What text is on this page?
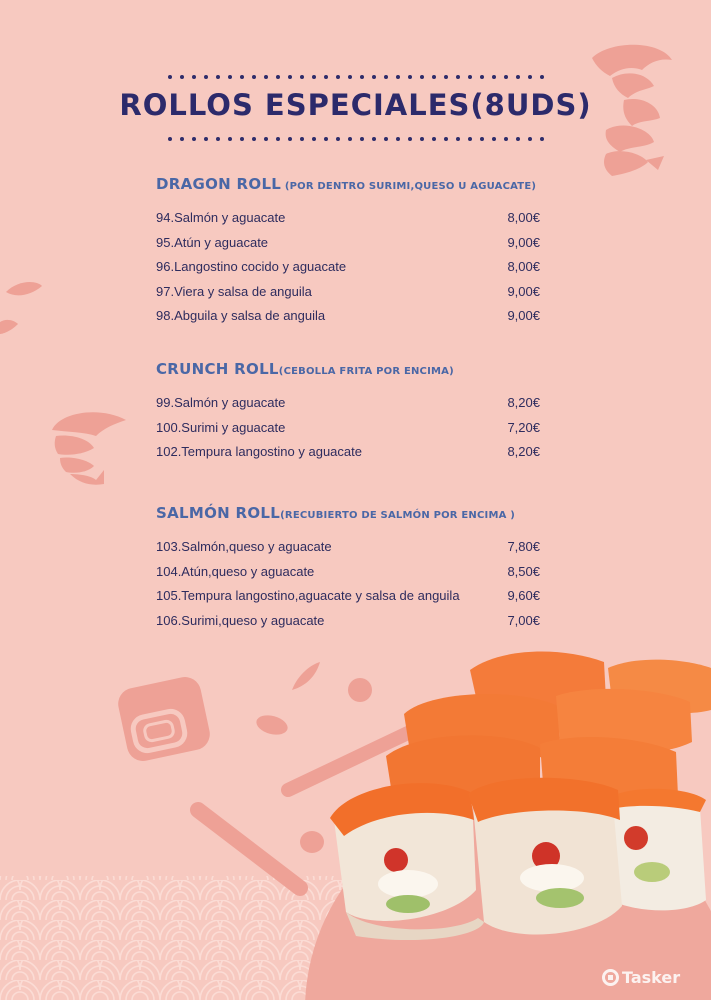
ROLLOS ESPECIALES(8UDS)
DRAGON ROLL (POR DENTRO SURIMI,QUESO U AGUACATE)
94.Salmón y aguacate	8,00€
95.Atún y aguacate	9,00€
96.Langostino cocido y aguacate	8,00€
97.Viera y salsa de anguila	9,00€
98.Abguila y salsa de anguila	9,00€
CRUNCH ROLL(CEBOLLA FRITA POR ENCIMA)
99.Salmón y aguacate	8,20€
100.Surimi y aguacate	7,20€
102.Tempura langostino y aguacate	8,20€
SALMÓN ROLL(RECUBIERTO DE SALMÓN POR ENCIMA )
103.Salmón,queso y aguacate	7,80€
104.Atún,queso y aguacate	8,50€
105.Tempura langostino,aguacate y salsa de anguila	9,60€
106.Surimi,queso y aguacate	7,00€
Tasker
